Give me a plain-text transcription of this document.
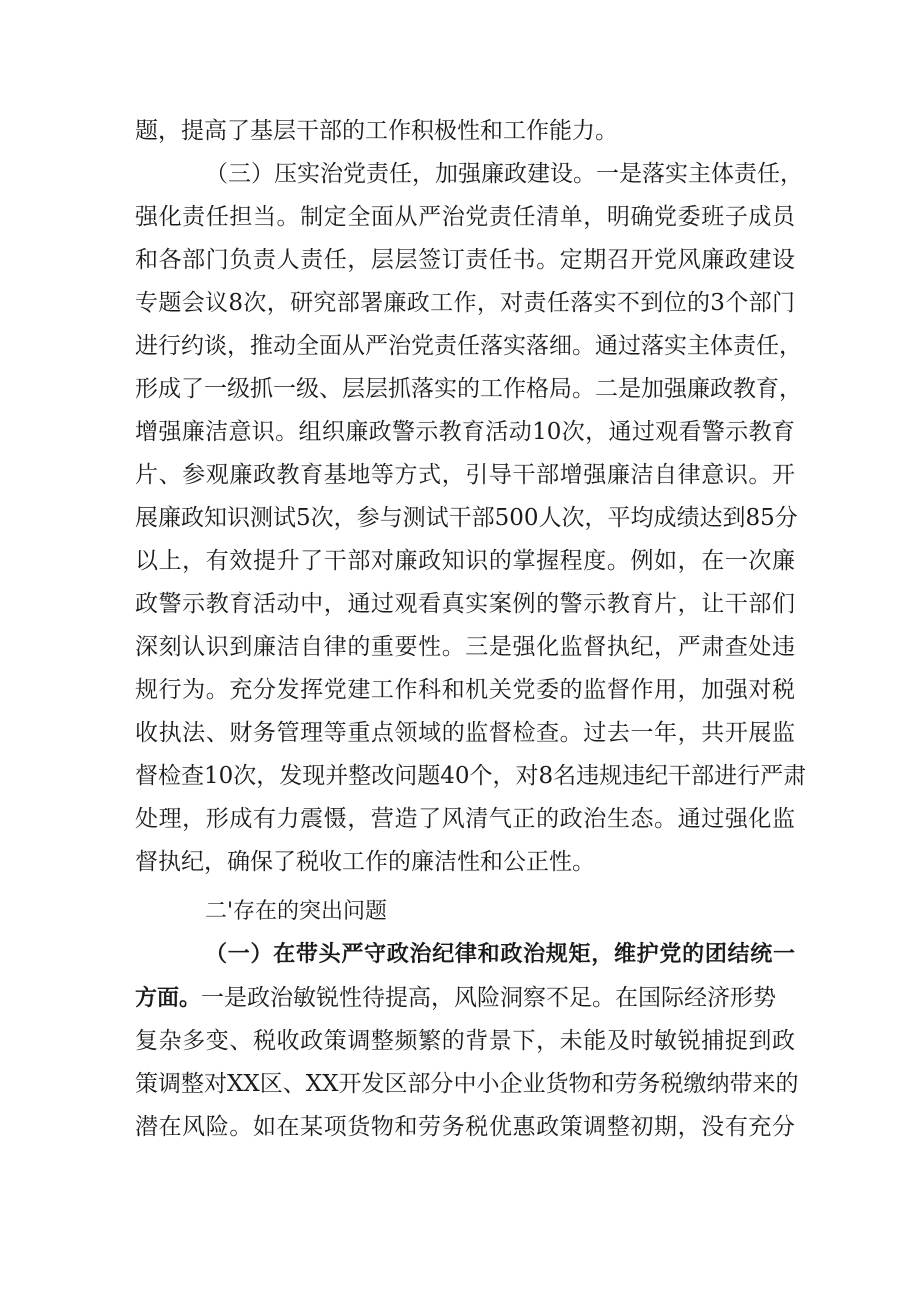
题，提高了基层干部的工作积极性和工作能力。
（三）压实治党责任，加强廉政建设。一是落实主体责任，
强化责任担当。制定全面从严治党责任清单，明确党委班子成员
和各部门负责人责任，层层签订责任书。定期召开党风廉政建设
专题会议8次，研究部署廉政工作，对责任落实不到位的3个部门
进行约谈，推动全面从严治党责任落实落细。通过落实主体责任，
形成了一级抓一级、层层抓落实的工作格局。二是加强廉政教育，
增强廉洁意识。组织廉政警示教育活动10次，通过观看警示教育
片、参观廉政教育基地等方式，引导干部增强廉洁自律意识。开
展廉政知识测试5次，参与测试干部500人次，平均成绩达到85分
以上，有效提升了干部对廉政知识的掌握程度。例如，在一次廉
政警示教育活动中，通过观看真实案例的警示教育片，让干部们
深刻认识到廉洁自律的重要性。三是强化监督执纪，严肃查处违
规行为。充分发挥党建工作科和机关党委的监督作用，加强对税
收执法、财务管理等重点领域的监督检查。过去一年，共开展监
督检查10次，发现并整改问题40个，对8名违规违纪干部进行严肃
处理，形成有力震慑，营造了风清气正的政治生态。通过强化监
督执纪，确保了税收工作的廉洁性和公正性。
二'存在的突出问题
（一）在带头严守政治纪律和政治规矩，维护党的团结统一
方面。一是政治敏锐性待提高，风险洞察不足。在国际经济形势
复杂多变、税收政策调整频繁的背景下，未能及时敏锐捕捉到政
策调整对XX区、XX开发区部分中小企业货物和劳务税缴纳带来的
潜在风险。如在某项货物和劳务税优惠政策调整初期，没有充分
